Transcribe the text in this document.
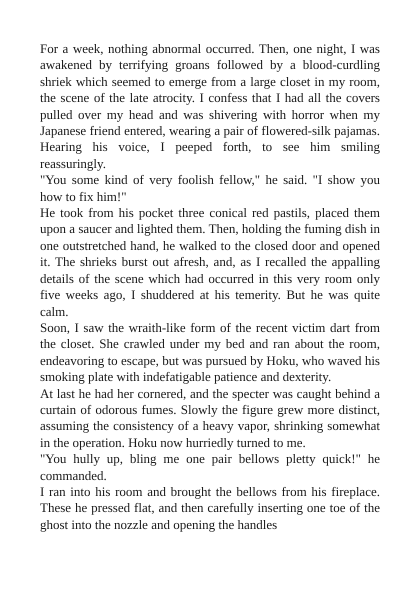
For a week, nothing abnormal occurred. Then, one night, I was awakened by terrifying groans followed by a blood-curdling shriek which seemed to emerge from a large closet in my room, the scene of the late atrocity. I confess that I had all the covers pulled over my head and was shivering with horror when my Japanese friend entered, wearing a pair of flowered-silk pajamas. Hearing his voice, I peeped forth, to see him smiling reassuringly.

"You some kind of very foolish fellow," he said. "I show you how to fix him!"

He took from his pocket three conical red pastils, placed them upon a saucer and lighted them. Then, holding the fuming dish in one outstretched hand, he walked to the closed door and opened it. The shrieks burst out afresh, and, as I recalled the appalling details of the scene which had occurred in this very room only five weeks ago, I shuddered at his temerity. But he was quite calm.

Soon, I saw the wraith-like form of the recent victim dart from the closet. She crawled under my bed and ran about the room, endeavoring to escape, but was pursued by Hoku, who waved his smoking plate with indefatigable patience and dexterity.

At last he had her cornered, and the specter was caught behind a curtain of odorous fumes. Slowly the figure grew more distinct, assuming the consistency of a heavy vapor, shrinking somewhat in the operation. Hoku now hurriedly turned to me.

"You hully up, bling me one pair bellows pletty quick!" he commanded.

I ran into his room and brought the bellows from his fireplace. These he pressed flat, and then carefully inserting one toe of the ghost into the nozzle and opening the handles
